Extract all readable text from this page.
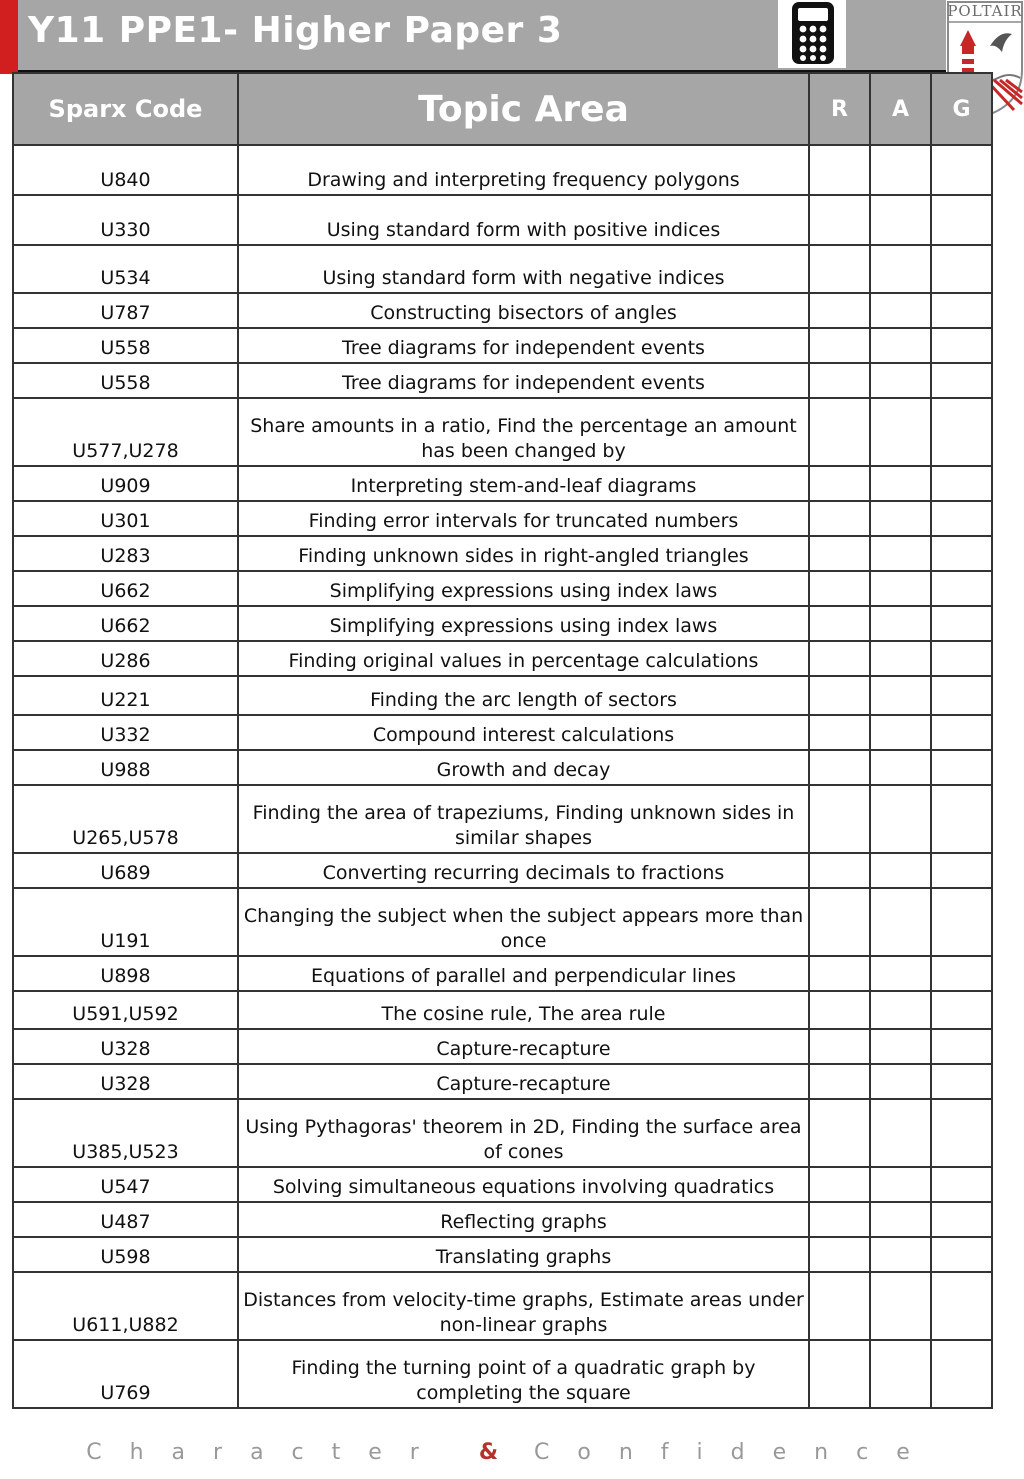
Y11 PPE1- Higher Paper 3	POLTAIR
Sparx Code	Topic Area	R	A	G
U840	Drawing and interpreting frequency polygons			
U330	Using standard form with positive indices			
U534	Using standard form with negative indices			
U787	Constructing bisectors of angles			
U558	Tree diagrams for independent events			
U558	Tree diagrams for independent events			
U577,U278	Share amounts in a ratio, Find the percentage an amount has been changed by			
U909	Interpreting stem-and-leaf diagrams			
U301	Finding error intervals for truncated numbers			
U283	Finding unknown sides in right-angled triangles			
U662	Simplifying expressions using index laws			
U662	Simplifying expressions using index laws			
U286	Finding original values in percentage calculations			
U221	Finding the arc length of sectors			
U332	Compound interest calculations			
U988	Growth and decay			
U265,U578	Finding the area of trapeziums, Finding unknown sides in similar shapes			
U689	Converting recurring decimals to fractions			
U191	Changing the subject when the subject appears more than once			
U898	Equations of parallel and perpendicular lines			
U591,U592	The cosine rule, The area rule			
U328	Capture-recapture			
U328	Capture-recapture			
U385,U523	Using Pythagoras' theorem in 2D, Finding the surface area of cones			
U547	Solving simultaneous equations involving quadratics			
U487	Reflecting graphs			
U598	Translating graphs			
U611,U882	Distances from velocity-time graphs, Estimate areas under non-linear graphs			
U769	Finding the turning point of a quadratic graph by completing the square			
Character & Confidence
